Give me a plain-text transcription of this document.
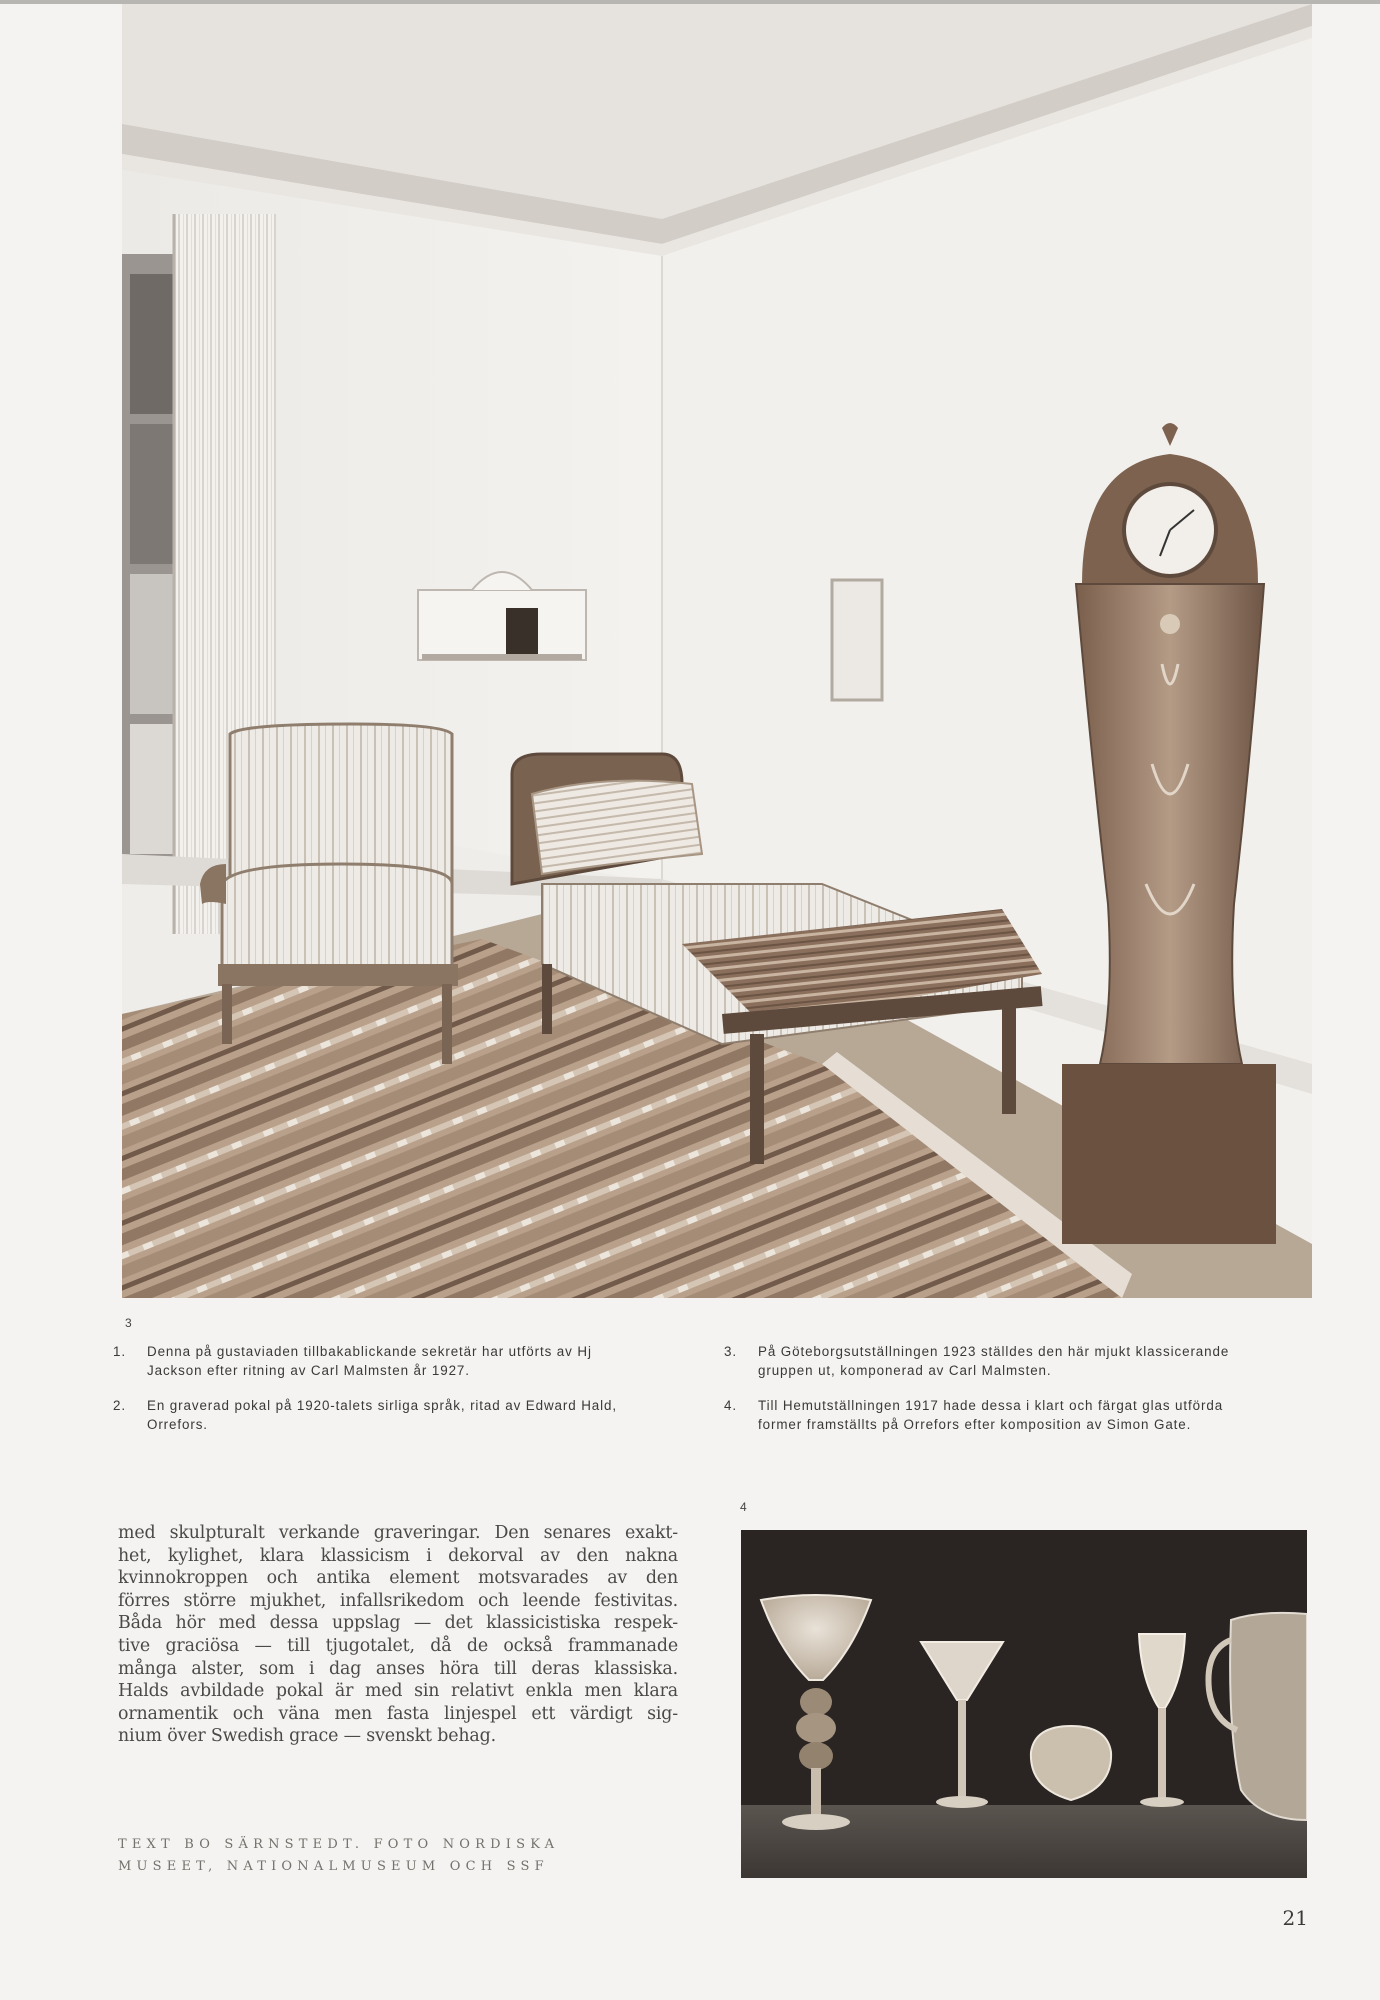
3
1. Denna på gustaviaden tillbakablickande sekretär har utförts av Hj
Jackson efter ritning av Carl Malmsten år 1927.
2. En graverad pokal på 1920-talets sirliga språk, ritad av Edward Hald,
Orrefors.
3. På Göteborgsutställningen 1923 ställdes den här mjukt klassicerande
gruppen ut, komponerad av Carl Malmsten.
4. Till Hemutställningen 1917 hade dessa i klart och färgat glas utförda
former framställts på Orrefors efter komposition av Simon Gate.
4
med skulpturalt verkande graveringar. Den senares exakt-
het, kylighet, klara klassicism i dekorval av den nakna
kvinnokroppen och antika element motsvarades av den
förres större mjukhet, infallsrikedom och leende festivitas.
Båda hör med dessa uppslag — det klassicistiska respek-
tive graciösa — till tjugotalet, då de också frammanade
många alster, som i dag anses höra till deras klassiska.
Halds avbildade pokal är med sin relativt enkla men klara
ornamentik och väna men fasta linjespel ett värdigt sig-
nium över Swedish grace — svenskt behag.
TEXT BO SÄRNSTEDT. FOTO NORDISKA
MUSEET, NATIONALMUSEUM OCH SSF
21
